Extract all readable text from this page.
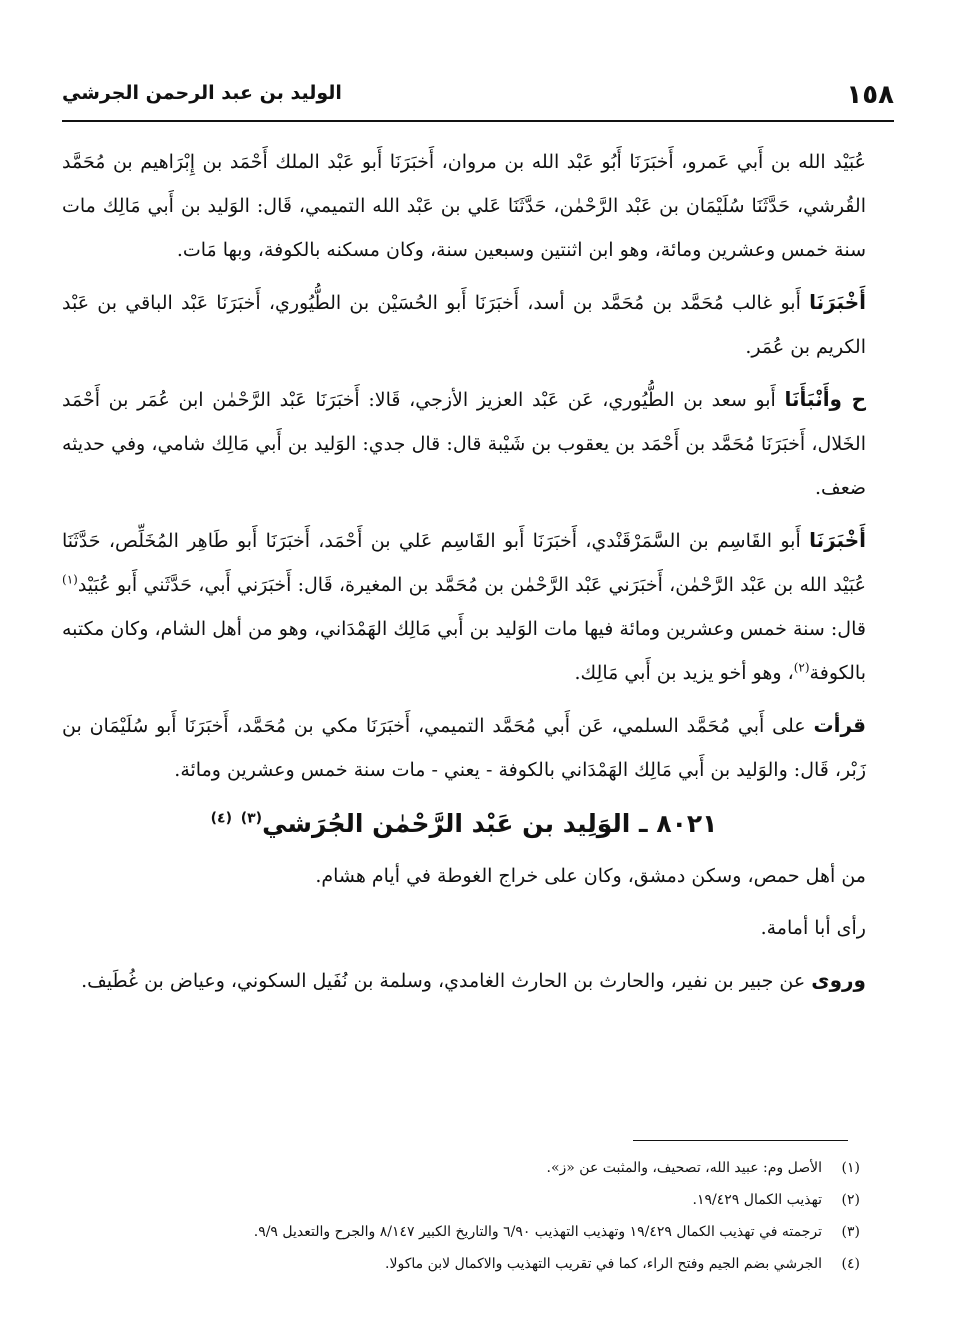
١٥٨
الوليد بن عبد الرحمن الجرشي

عُبَيْد الله بن أَبي عَمرو، أَخبَرَنَا أَبُو عَبْد الله بن مروان، أَخبَرَنَا أَبو عَبْد الملك أَحْمَد بن إِبْرَاهيم بن مُحَمَّد القُرشي، حَدَّثَنَا سُلَيْمَان بن عَبْد الرَّحْمٰن، حَدَّثَنَا عَلي بن عَبْد الله التميمي، قَال: الوَليد بن أَبي مَالِك مات سنة خمس وعشرين ومائة، وهو ابن اثنتين وسبعين سنة، وكان مسكنه بالكوفة، وبها مَات.

أَخْبَرَنَا أَبو غالب مُحَمَّد بن مُحَمَّد بن أسد، أَخبَرَنَا أَبو الحُسَيْن بن الطُّيُوري، أَخبَرَنَا عَبْد الباقي بن عَبْد الكريم بن عُمَر.

ح وأَنْبَأَنَا أَبو سعد بن الطُّيُوري، عَن عَبْد العزيز الأزجي، قَالا: أَخبَرَنَا عَبْد الرَّحْمٰن ابن عُمَر بن أَحْمَد الخَلال، أَخبَرَنَا مُحَمَّد بن أَحْمَد بن يعقوب بن شَيْبة قال: قال جدي: الوَليد بن أَبي مَالِك شامي، وفي حديثه ضعف.

أَخْبَرَنَا أَبو القَاسِم بن السَّمَرْقَنْدي، أَخبَرَنَا أَبو القَاسِم عَلي بن أَحْمَد، أَخبَرَنَا أَبو طَاهِر المُخَلِّص، حَدَّثَنَا عُبَيْد الله بن عَبْد الرَّحْمٰن، أَخبَرَني عَبْد الرَّحْمٰن بن مُحَمَّد بن المغيرة، قَال: أَخبَرَني أَبي، حَدَّثَني أَبو عُبَيْد$^{(١)}$ قال: سنة خمس وعشرين ومائة فيها مات الوَليد بن أَبي مَالِك الهَمْدَاني، وهو من أهل الشام، وكان مكتبه بالكوفة$^{(٢)}$، وهو أخو يزيد بن أَبي مَالِك.

قرأت على أَبي مُحَمَّد السلمي، عَن أَبي مُحَمَّد التميمي، أَخبَرَنَا مكي بن مُحَمَّد، أَخبَرَنَا أَبو سُلَيْمَان بن زَبْر، قَال: والوَليد بن أَبي مَالِك الهَمْدَاني بالكوفة - يعني - مات سنة خمس وعشرين ومائة.

٨٠٢١ ـ الوَلِيد بن عَبْد الرَّحْمٰن الجُرَشي$^{(٣)}$ $^{(٤)}$

من أهل حمص، وسكن دمشق، وكان على خراج الغوطة في أيام هشام.

رأى أبا أمامة.

وروى عن جبير بن نفير، والحارث بن الحارث الغامدي، وسلمة بن نُفَيل السكوني، وعياض بن غُطَيف.

(١)الأصل وم: عبيد الله، تصحيف، والمثبت عن «ز».
(٢)تهذيب الكمال ١٩/٤٢٩.
(٣)ترجمته في تهذيب الكمال ١٩/٤٢٩ وتهذيب التهذيب ٦/٩٠ والتاريخ الكبير ٨/١٤٧ والجرح والتعديل ٩/٩.
(٤)الجرشي بضم الجيم وفتح الراء، كما في تقريب التهذيب والاكمال لابن ماكولا.
